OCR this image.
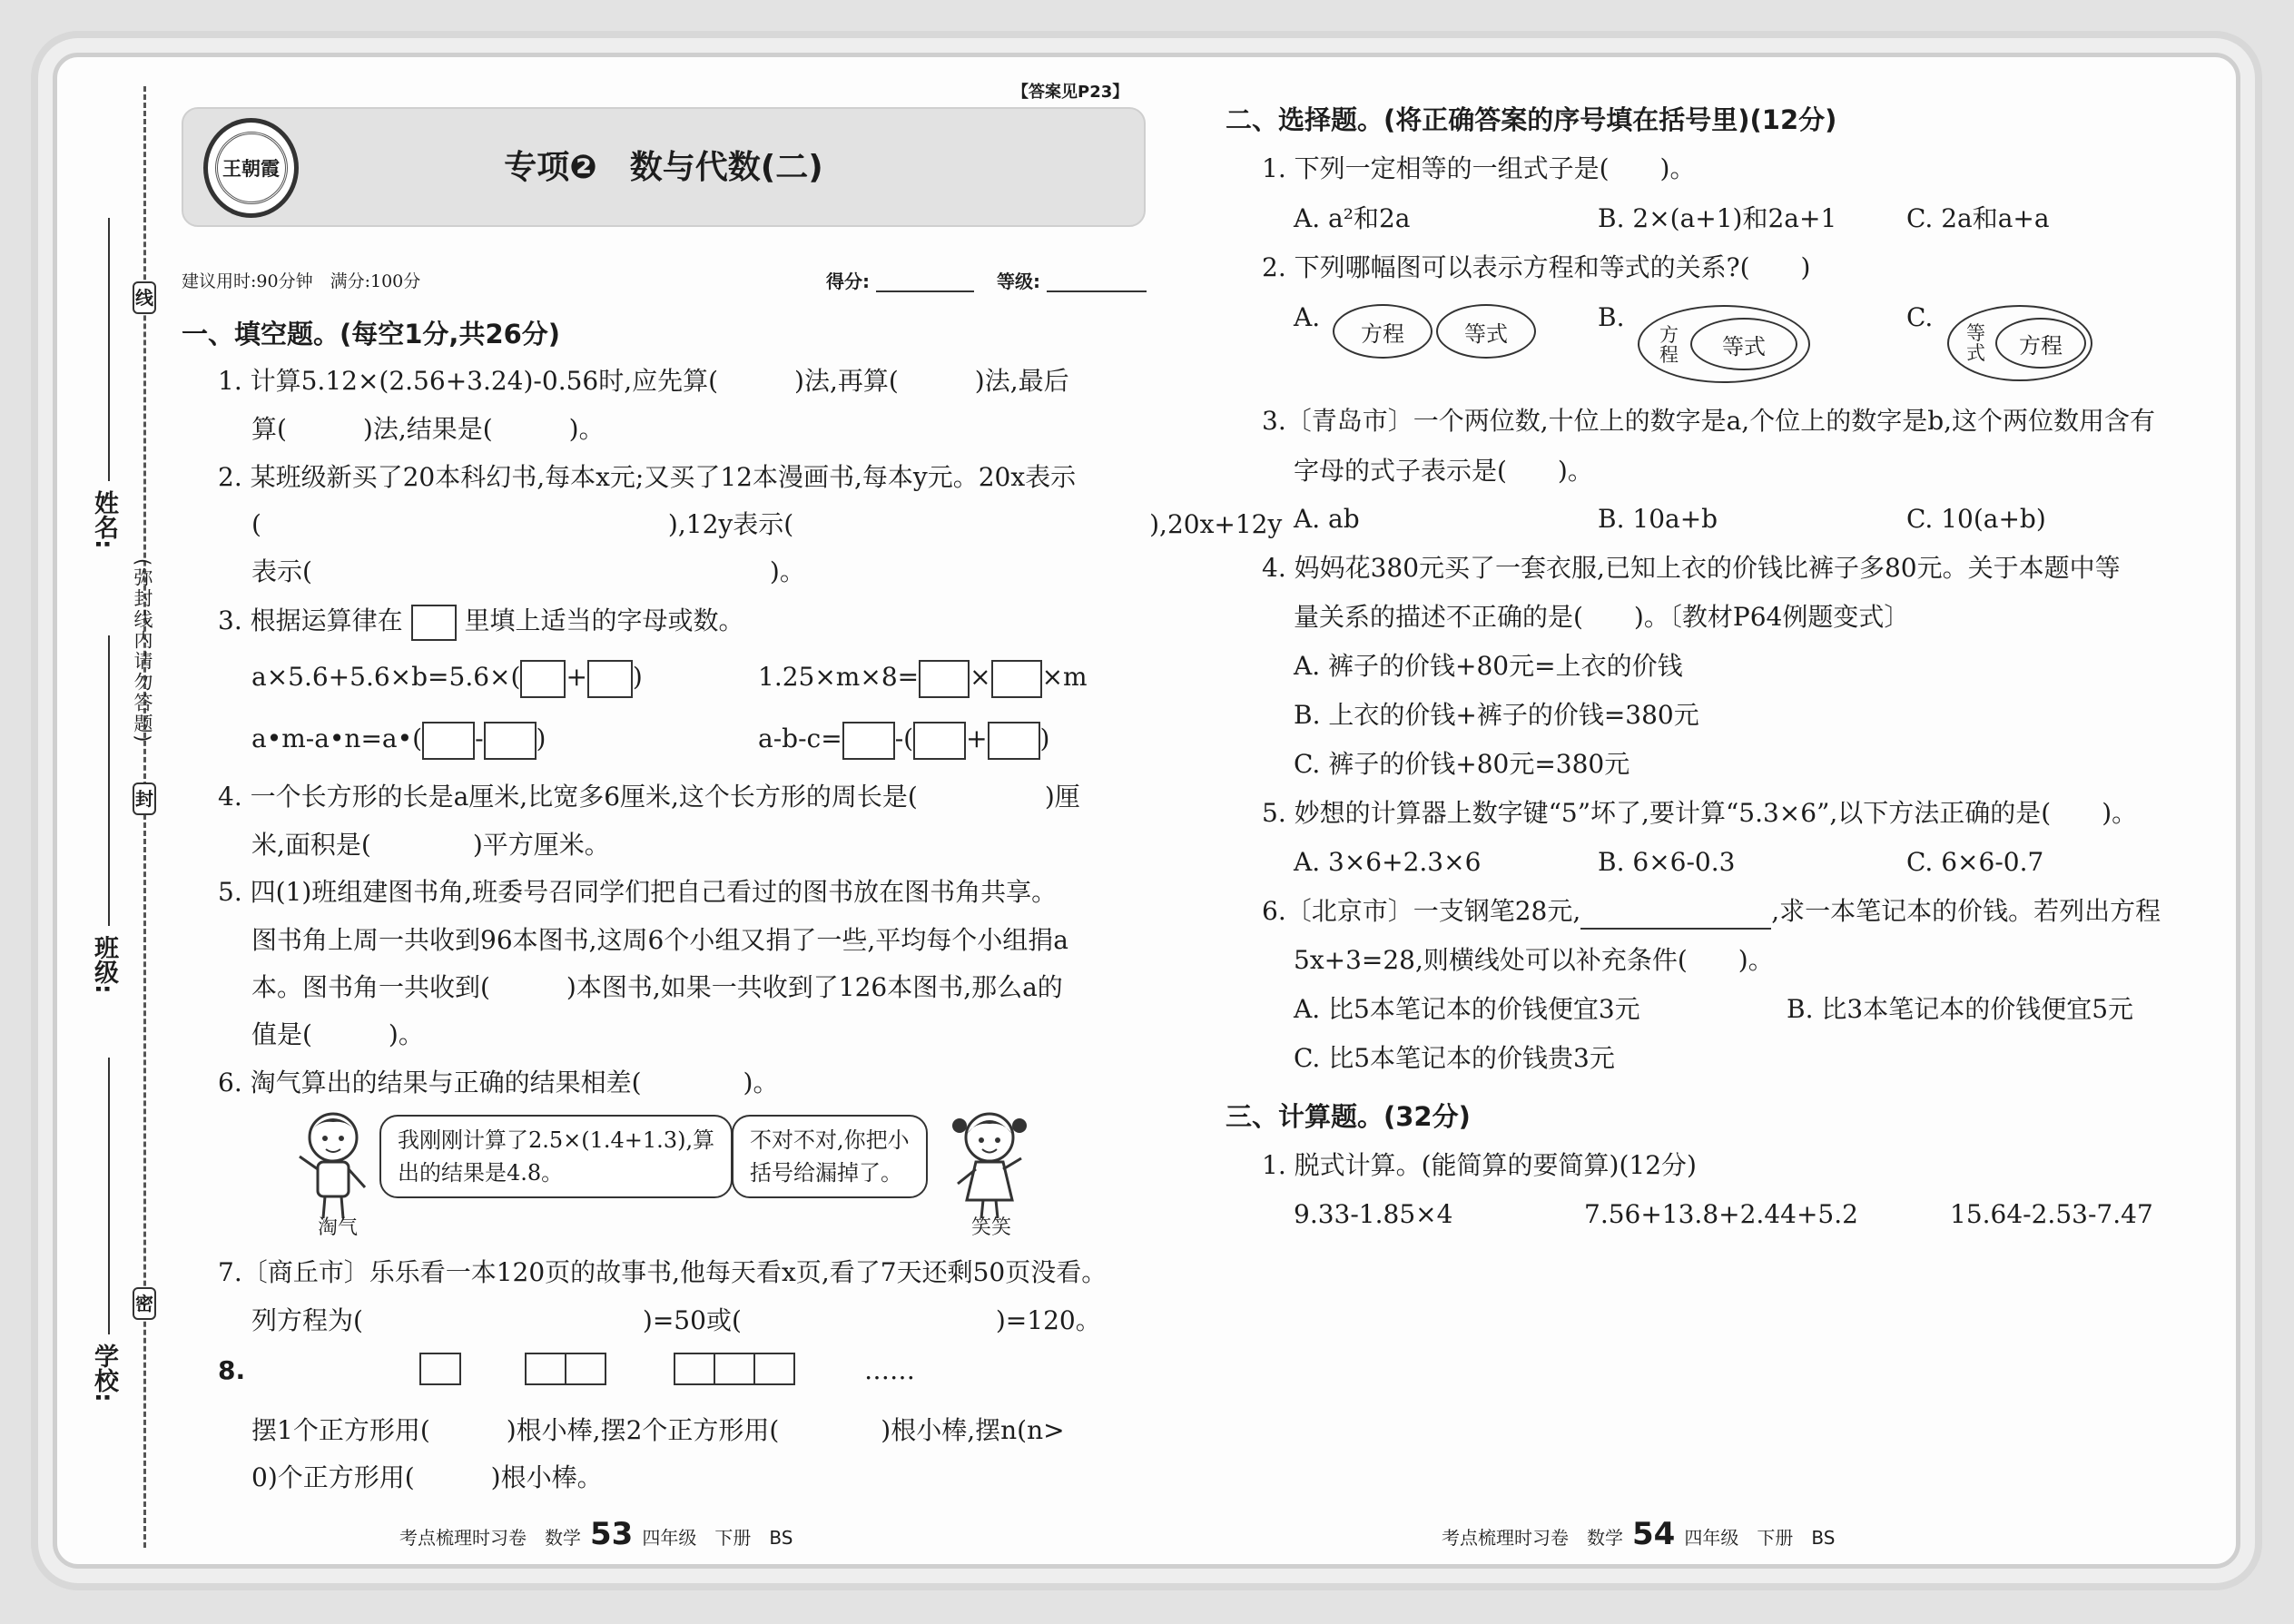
线
(弥封线内请勿答题)
封
密
姓名:
班级:
学校:
【答案见P23】
王朝霞	专项❷　数与代数(二)
建议用时:90分钟　满分:100分	得分:	等级:
一、填空题。(每空1分,共26分)
1. 计算5.12×(2.56+3.24)-0.56时,应先算(　　　)法,再算(　　　)法,最后
算(　　　)法,结果是(　　　)。
2. 某班级新买了20本科幻书,每本x元;又买了12本漫画书,每本y元。20x表示
(　　　　　　　　　　　　　　　　),12y表示(　　　　　　　　　　　　　　),20x+12y
表示(　　　　　　　　　　　　　　　　　　)。
3. 根据运算律在 里填上适当的字母或数。
a×5.6+5.6×b=5.6×( + )	1.25×m×8= × ×m
a•m-a•n=a•( - )	a-b-c= -( + )
4. 一个长方形的长是a厘米,比宽多6厘米,这个长方形的周长是(　　　　　)厘
米,面积是(　　　　)平方厘米。
5. 四(1)班组建图书角,班委号召同学们把自己看过的图书放在图书角共享。
图书角上周一共收到96本图书,这周6个小组又捐了一些,平均每个小组捐a
本。图书角一共收到(　　　)本图书,如果一共收到了126本图书,那么a的
值是(　　　)。
6. 淘气算出的结果与正确的结果相差(　　　　)。
淘气
我刚刚计算了2.5×(1.4+1.3),算
出的结果是4.8。
不对不对,你把小
括号给漏掉了。
笑笑
7.〔商丘市〕乐乐看一本120页的故事书,他每天看x页,看了7天还剩50页没看。
列方程为(　　　　　　　　　　　)=50或(　　　　　　　　　　)=120。
8.	……
摆1个正方形用(　　　)根小棒,摆2个正方形用(　　　　)根小棒,摆n(n>
0)个正方形用(　　　)根小棒。
考点梳理时习卷　数学 53 四年级　下册　BS
二、选择题。(将正确答案的序号填在括号里)(12分)
1. 下列一定相等的一组式子是(　　)。
A. a²和2a	B. 2×(a+1)和2a+1	C. 2a和a+a
2. 下列哪幅图可以表示方程和等式的关系?(　　)
A.
方程	等式
B.
方
程	等式
C.
等
式	方程
3.〔青岛市〕一个两位数,十位上的数字是a,个位上的数字是b,这个两位数用含有
字母的式子表示是(　　)。
A. ab	B. 10a+b	C. 10(a+b)
4. 妈妈花380元买了一套衣服,已知上衣的价钱比裤子多80元。关于本题中等
量关系的描述不正确的是(　　)。〔教材P64例题变式〕
A. 裤子的价钱+80元=上衣的价钱
B. 上衣的价钱+裤子的价钱=380元
C. 裤子的价钱+80元=380元
5. 妙想的计算器上数字键“5”坏了,要计算“5.3×6”,以下方法正确的是(　　)。
A. 3×6+2.3×6	B. 6×6-0.3	C. 6×6-0.7
6.〔北京市〕一支钢笔28元,	,求一本笔记本的价钱。若列出方程
5x+3=28,则横线处可以补充条件(　　)。
A. 比5本笔记本的价钱便宜3元	B. 比3本笔记本的价钱便宜5元
C. 比5本笔记本的价钱贵3元
三、计算题。(32分)
1. 脱式计算。(能简算的要简算)(12分)
9.33-1.85×4	7.56+13.8+2.44+5.2	15.64-2.53-7.47
考点梳理时习卷　数学 54 四年级　下册　BS
